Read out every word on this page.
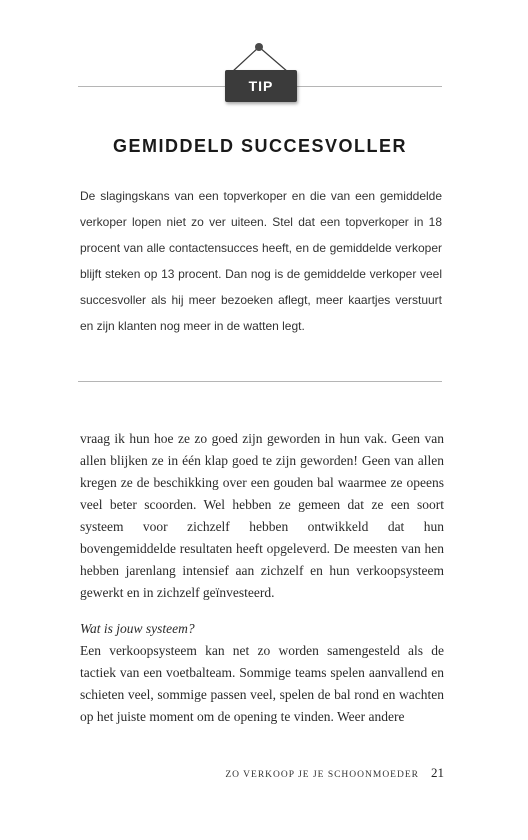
TIP
GEMIDDELD SUCCESVOLLER

De slagingskans van een topverkoper en die van een gemiddelde verkoper lopen niet zo ver uiteen. Stel dat een topverkoper in 18 procent van alle contactensucces heeft, en de gemiddelde verkoper blijft steken op 13 procent. Dan nog is de gemiddelde verkoper veel succesvoller als hij meer bezoeken aflegt, meer kaartjes verstuurt en zijn klanten nog meer in de watten legt.

vraag ik hun hoe ze zo goed zijn geworden in hun vak. Geen van allen blijken ze in één klap goed te zijn geworden! Geen van allen kregen ze de beschikking over een gouden bal waarmee ze opeens veel beter scoorden. Wel hebben ze gemeen dat ze een soort systeem voor zichzelf hebben ontwikkeld dat hun bovengemiddelde resultaten heeft opgeleverd. De meesten van hen hebben jarenlang intensief aan zichzelf en hun verkoopsysteem gewerkt en in zichzelf geïnvesteerd.

Wat is jouw systeem?

Een verkoopsysteem kan net zo worden samengesteld als de tactiek van een voetbalteam. Sommige teams spelen aanvallend en schieten veel, sommige passen veel, spelen de bal rond en wachten op het juiste moment om de opening te vinden. Weer andere

ZO VERKOOP JE JE SCHOONMOEDER 21
